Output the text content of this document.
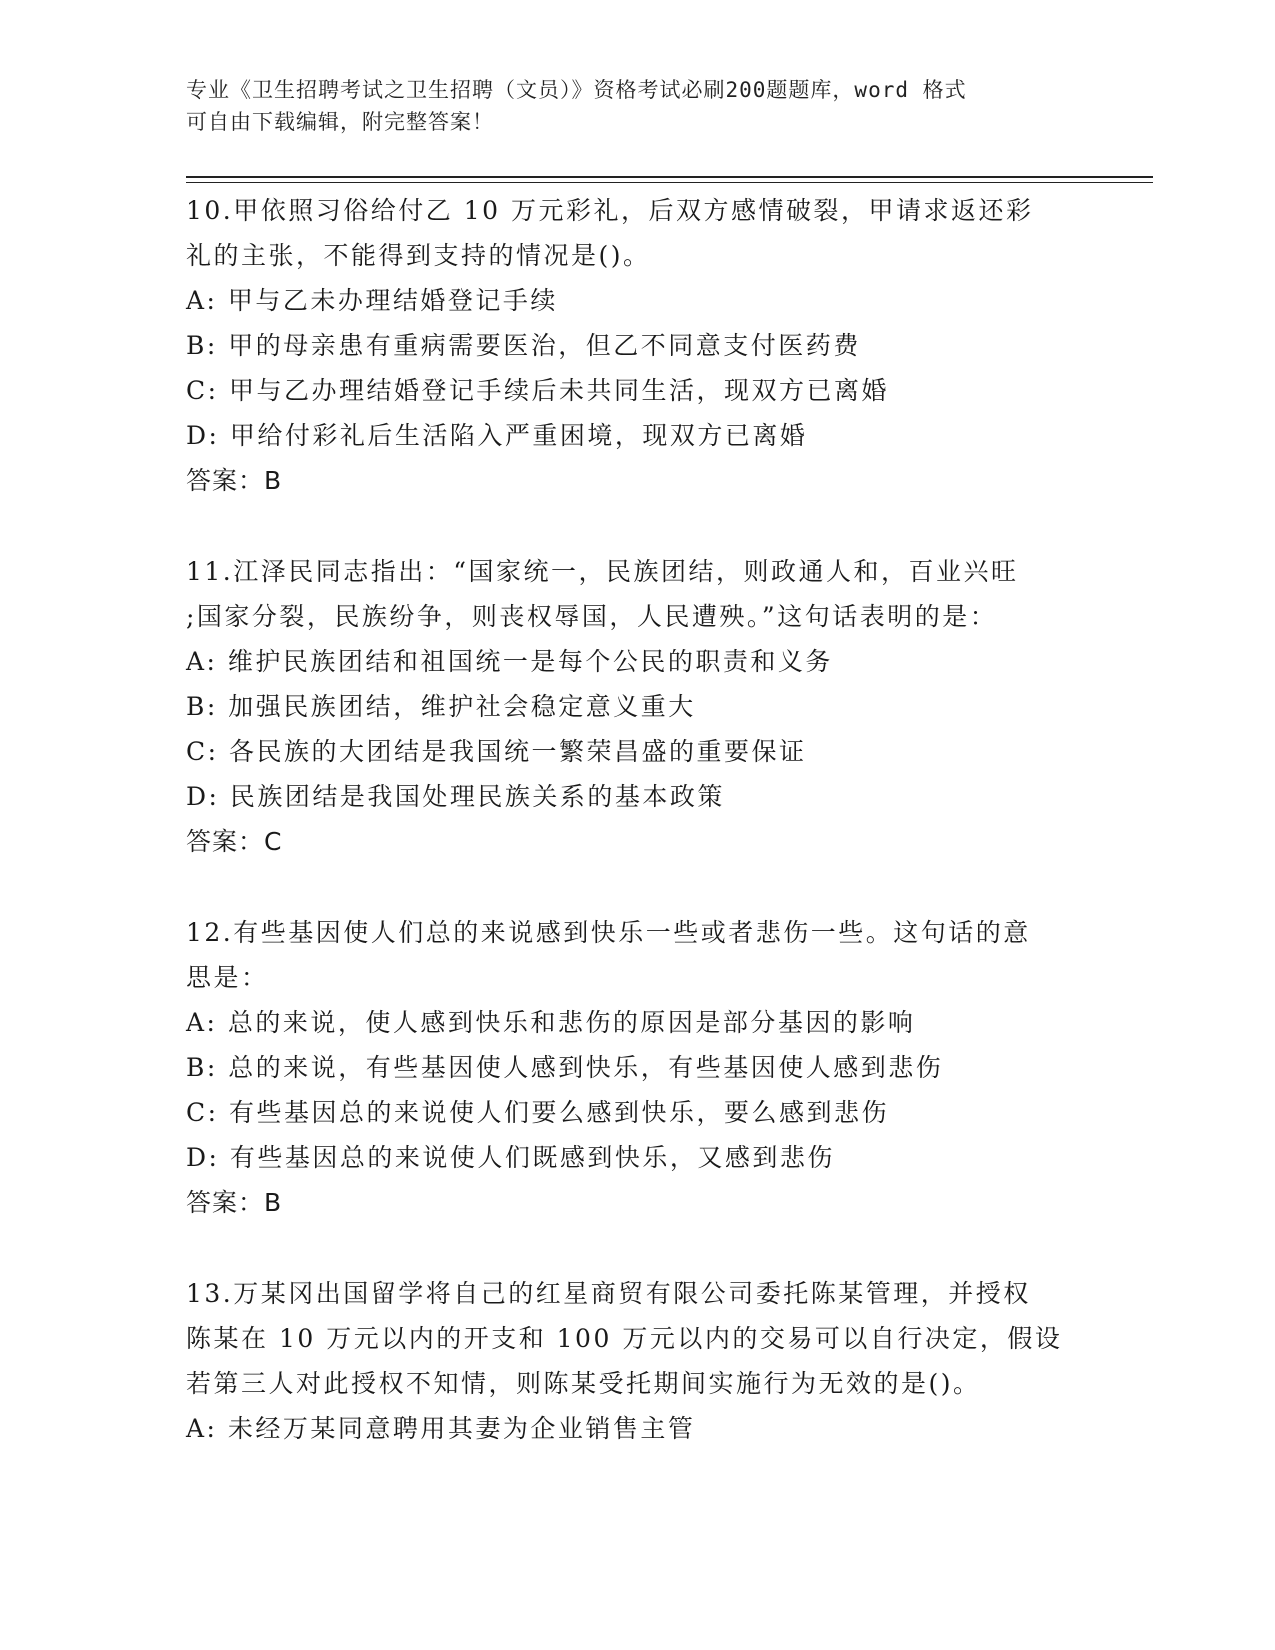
专业《卫生招聘考试之卫生招聘（文员）》资格考试必刷200题题库，word 格式
可自由下载编辑，附完整答案！
10.甲依照习俗给付乙 10 万元彩礼，后双方感情破裂，甲请求返还彩
礼的主张，不能得到支持的情况是()。
A: 甲与乙未办理结婚登记手续
B: 甲的母亲患有重病需要医治，但乙不同意支付医药费
C: 甲与乙办理结婚登记手续后未共同生活，现双方已离婚
D: 甲给付彩礼后生活陷入严重困境，现双方已离婚
答案：B
11.江泽民同志指出：“国家统一，民族团结，则政通人和，百业兴旺
;国家分裂，民族纷争，则丧权辱国，人民遭殃。”这句话表明的是：
A: 维护民族团结和祖国统一是每个公民的职责和义务
B: 加强民族团结，维护社会稳定意义重大
C: 各民族的大团结是我国统一繁荣昌盛的重要保证
D: 民族团结是我国处理民族关系的基本政策
答案：C
12.有些基因使人们总的来说感到快乐一些或者悲伤一些。这句话的意
思是：
A: 总的来说，使人感到快乐和悲伤的原因是部分基因的影响
B: 总的来说，有些基因使人感到快乐，有些基因使人感到悲伤
C: 有些基因总的来说使人们要么感到快乐，要么感到悲伤
D: 有些基因总的来说使人们既感到快乐，又感到悲伤
答案：B
13.万某冈出国留学将自己的红星商贸有限公司委托陈某管理，并授权
陈某在 10 万元以内的开支和 100 万元以内的交易可以自行决定，假设
若第三人对此授权不知情，则陈某受托期间实施行为无效的是()。
A: 未经万某同意聘用其妻为企业销售主管
